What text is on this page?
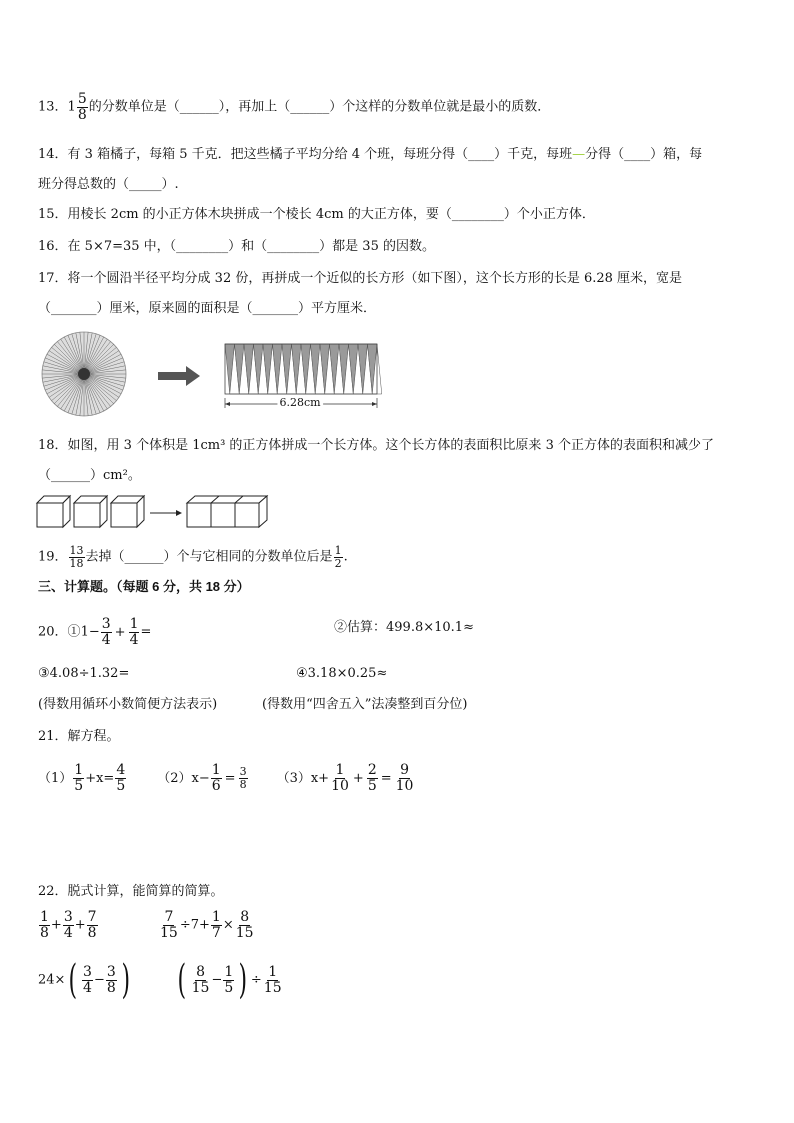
13．$1 \frac{5}{8}$ 的分数单位是（______），再加上（______）个这样的分数单位就是最小的质数．
14．有 3 箱橘子，每箱 5 千克．把这些橘子平均分给 4 个班，每班分得（____）千克，每班—分得（____）箱，每
班分得总数的（_____）.
15．用棱长 2cm 的小正方体木块拼成一个棱长 4cm 的大正方体，要（________）个小正方体．
16．在 5×7=35 中，（________）和（________）都是 35 的因数。
17．将一个圆沿半径平均分成 32 份，再拼成一个近似的长方形（如下图），这个长方形的长是 6.28 厘米，宽是
（_______）厘米，原来圆的面积是（_______）平方厘米．
6.28cm
18．如图，用 3 个体积是 1cm³ 的正方体拼成一个长方体。这个长方体的表面积比原来 3 个正方体的表面积和减少了
（______）cm²。
19． $\frac{13}{18}$ 去掉（______）个与它相同的分数单位后是 $\frac{1}{2}$ .
三、计算题。（每题 6 分，共 18 分）
20．①1− $\frac{3}{4} + \frac{1}{4}$ =	②估算：499.8×10.1≈
③4.08÷1.32=	④3.18×0.25≈
(得数用循环小数简便方法表示)	(得数用“四舍五入”法凑整到百分位)
21．解方程。
$(1) \frac{1}{5} +x= \frac{4}{5} (2)x- \frac{1}{6} = \frac{3}{8} (3)x+ \frac{1}{10} + \frac{2}{5} = \frac{9}{10}$
22．脱式计算，能简算的简算。
$\frac{1}{8} + \frac{3}{4} + \frac{7}{8}$	$\frac{7}{15} \div 7+ \frac{1}{7} \times \frac{8}{15}$
$24\times( \frac{3}{4} - \frac{3}{8}$ ) ( $\frac{8}{15} - \frac{1}{5}$ ) ÷ $\frac{1}{15}$
